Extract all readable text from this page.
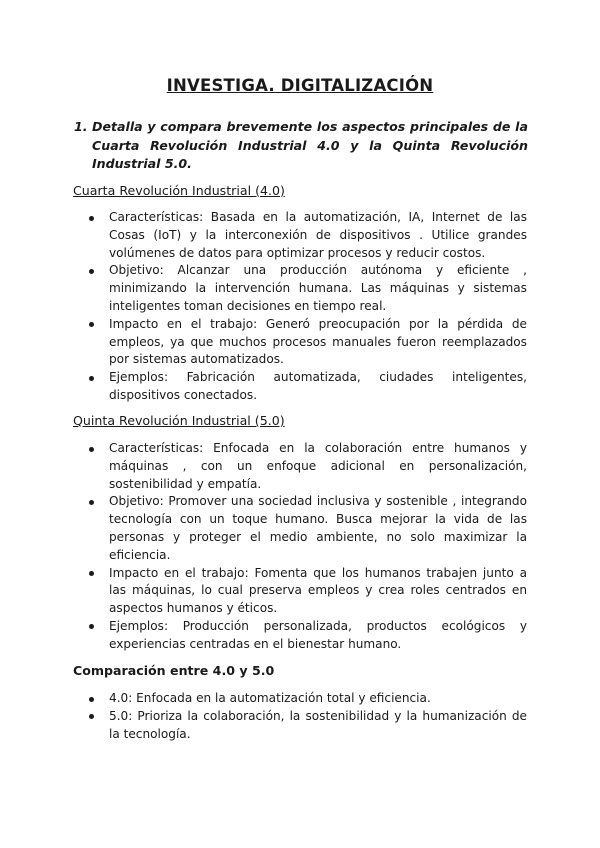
INVESTIGA. DIGITALIZACIÓN
1. Detalla y compara brevemente los aspectos principales de la Cuarta Revolución Industrial 4.0 y la Quinta Revolución Industrial 5.0.
Cuarta Revolución Industrial (4.0)
Características: Basada en la automatización, IA, Internet de las Cosas (IoT) y la interconexión de dispositivos . Utilice grandes volúmenes de datos para optimizar procesos y reducir costos.
Objetivo: Alcanzar una producción autónoma y eficiente , minimizando la intervención humana. Las máquinas y sistemas inteligentes toman decisiones en tiempo real.
Impacto en el trabajo: Generó preocupación por la pérdida de empleos, ya que muchos procesos manuales fueron reemplazados por sistemas automatizados.
Ejemplos: Fabricación automatizada, ciudades inteligentes, dispositivos conectados.
Quinta Revolución Industrial (5.0)
Características: Enfocada en la colaboración entre humanos y máquinas , con un enfoque adicional en personalización, sostenibilidad y empatía.
Objetivo: Promover una sociedad inclusiva y sostenible , integrando tecnología con un toque humano. Busca mejorar la vida de las personas y proteger el medio ambiente, no solo maximizar la eficiencia.
Impacto en el trabajo: Fomenta que los humanos trabajen junto a las máquinas, lo cual preserva empleos y crea roles centrados en aspectos humanos y éticos.
Ejemplos: Producción personalizada, productos ecológicos y experiencias centradas en el bienestar humano.
Comparación entre 4.0 y 5.0
4.0: Enfocada en la automatización total y eficiencia.
5.0: Prioriza la colaboración, la sostenibilidad y la humanización de la tecnología.
